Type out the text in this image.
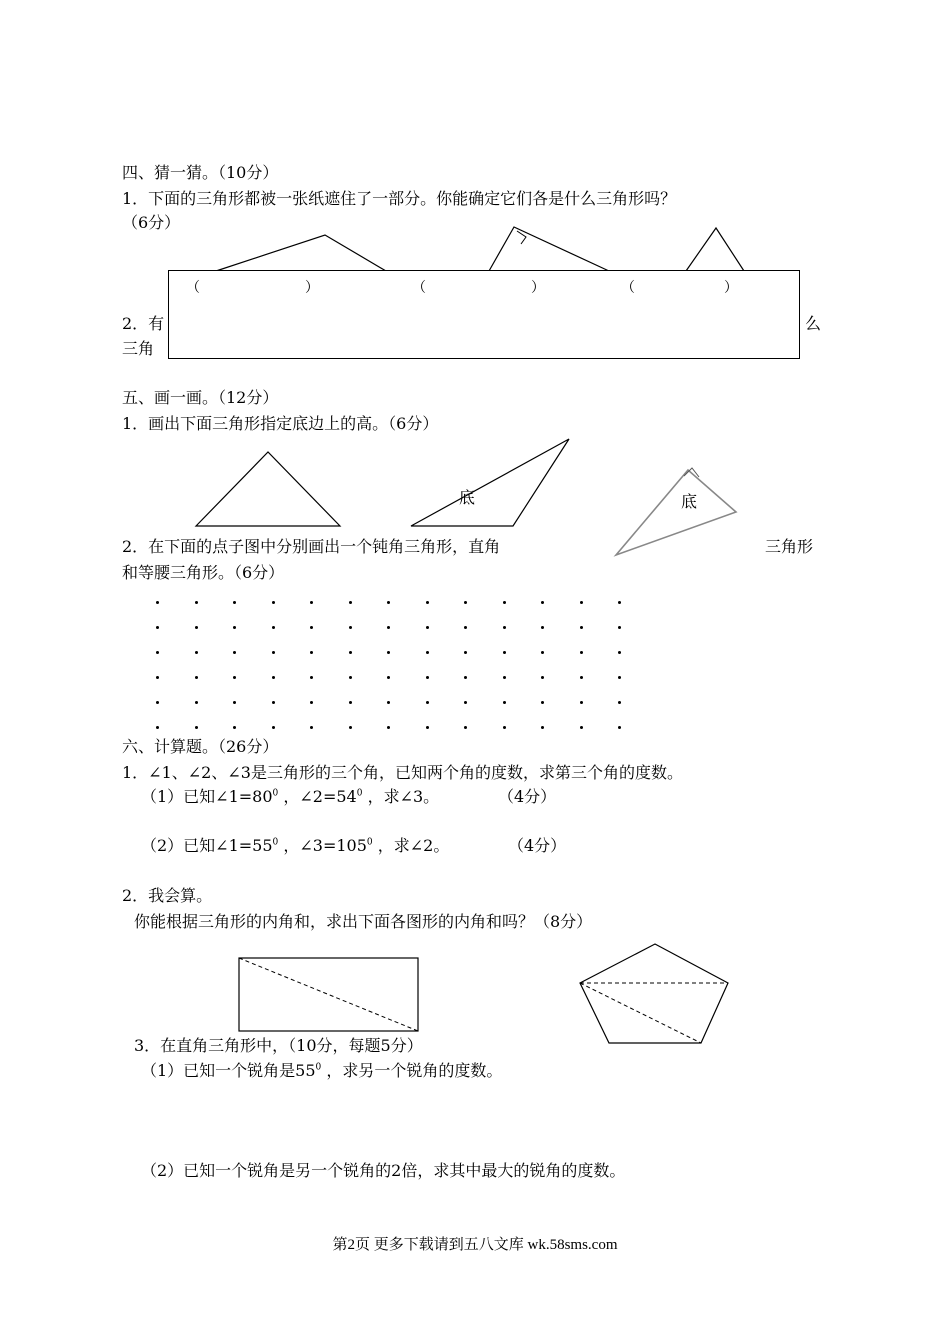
四、猜一猜。（10分）
1．下面的三角形都被一张纸遮住了一部分。你能确定它们各是什么三角形吗？
（6分）
2．有	么
三角
（	）	（	）	（	）
五、画一画。（12分）
1．画出下面三角形指定底边上的高。（6分）
底	底
2．在下面的点子图中分别画出一个钝角三角形，直角	三角形
和等腰三角形。（6分）
六、计算题。（26分）
1．∠1、∠2、∠3是三角形的三个角，已知两个角的度数，求第三个角的度数。
（1）已知$\angle 1=80^0$ ，$\angle 2=54^0$ ，求∠3。	（4分）
（2）已知$\angle 1=55^0$ ，$\angle 3=105^0$ ，求∠2。	（4分）
2．我会算。
你能根据三角形的内角和，求出下面各图形的内角和吗？（8分）
3．在直角三角形中，（10分，每题5分）
（1）已知一个锐角是$55^0$ ，求另一个锐角的度数。
（2）已知一个锐角是另一个锐角的2倍，求其中最大的锐角的度数。
第2页 更多下载请到五八文库 wk.58sms.com
